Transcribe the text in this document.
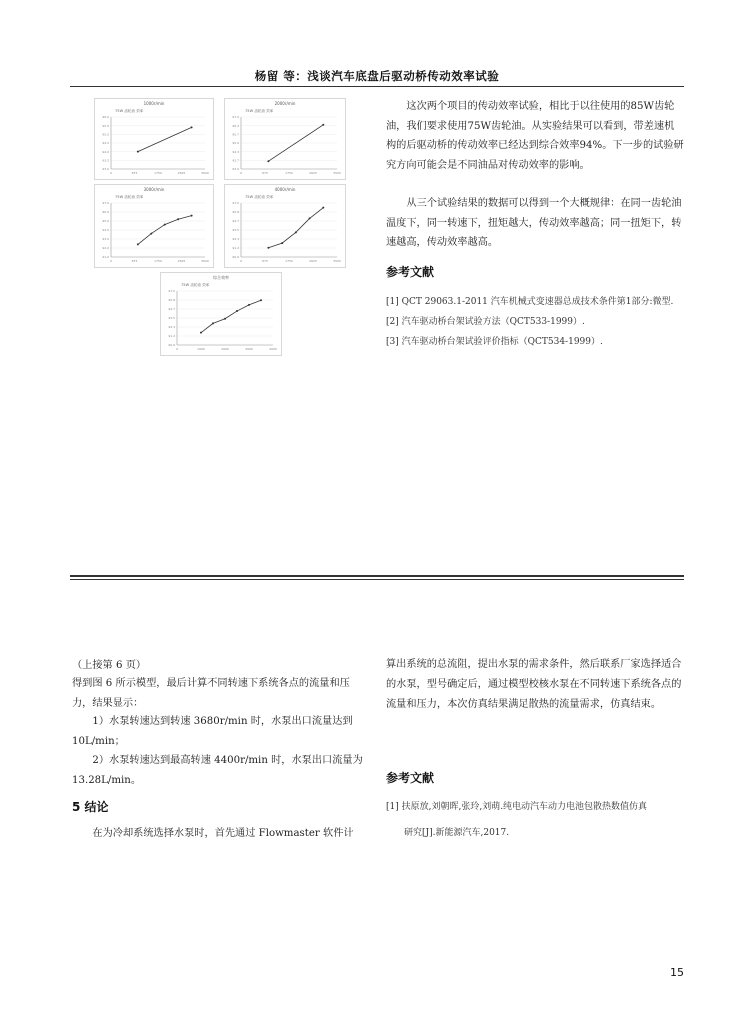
杨留 等：浅谈汽车底盘后驱动桥传动效率试验
1000r/min
75W 齿轮油 效率
93.0
93.5
94.0
94.5
95.0
95.5
96.0
0	875	1750	2625	3500
2000r/min
75W 齿轮油 效率
93.0
93.7
94.3
95.0
95.7
96.3
97.0
0	875	1750	2625	3500
3000r/min
75W 齿轮油 效率
91.0
92.0
93.0
94.0
95.0
96.0
97.0
0	875	1750	2625	3500
4000r/min
75W 齿轮油 效率
90.0
91.2
92.3
93.5
94.7
95.8
97.0
0	875	1750	2625	3500
综合效率
75W 齿轮油 效率
90.0
91.2
92.3
93.5
94.7
95.8
97.0
0	1000	2000	3000	4000
这次两个项目的传动效率试验，相比于以往使用的85W齿轮油，我们要求使用75W齿轮油。从实验结果可以看到，带差速机构的后驱动桥的传动效率已经达到综合效率94%。下一步的试验研究方向可能会是不同油品对传动效率的影响。
从三个试验结果的数据可以得到一个大概规律：在同一齿轮油温度下，同一转速下，扭矩越大，传动效率越高；同一扭矩下，转速越高，传动效率越高。
参考文献
[1] QCT 29063.1-2011 汽车机械式变速器总成技术条件第1部分:微型.
[2] 汽车驱动桥台架试验方法（QCT533-1999）.
[3] 汽车驱动桥台架试验评价指标（QCT534-1999）.
（上接第 6 页）
得到图 6 所示模型，最后计算不同转速下系统各点的流量和压力，结果显示：
1）水泵转速达到转速 3680r/min 时，水泵出口流量达到 10L/min；
2）水泵转速达到最高转速 4400r/min 时，水泵出口流量为 13.28L/min。
5 结论
在为冷却系统选择水泵时，首先通过 Flowmaster 软件计
算出系统的总流阻，提出水泵的需求条件，然后联系厂家选择适合的水泵，型号确定后，通过模型校核水泵在不同转速下系统各点的流量和压力，本次仿真结果满足散热的流量需求，仿真结束。
参考文献
[1] 扶原放,刘朝晖,张玲,刘萌.纯电动汽车动力电池包散热数值仿真
研究[J].新能源汽车,2017.
15
